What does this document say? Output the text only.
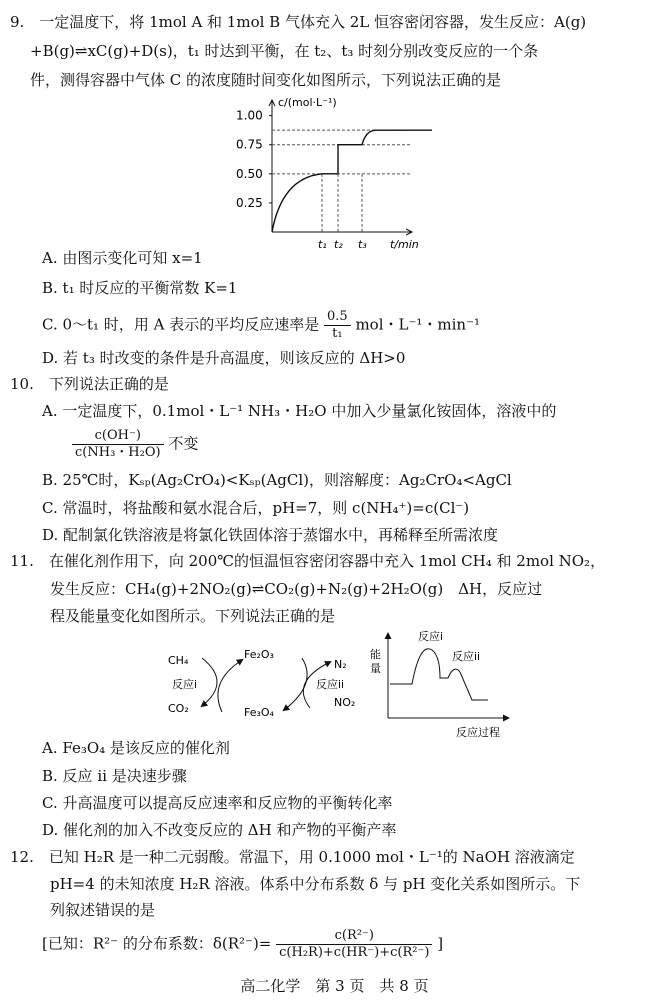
9.　一定温度下，将 1mol A 和 1mol B 气体充入 2L 恒容密闭容器，发生反应：A(g)
+B(g)⇌xC(g)+D(s)，t₁ 时达到平衡，在 t₂、t₃ 时刻分别改变反应的一个条
件，测得容器中气体 C 的浓度随时间变化如图所示，下列说法正确的是
c/(mol·L⁻¹)
t/min
1.00
0.75
0.50
0.25
t₁ t₂ t₃
A. 由图示变化可知 x=1
B. t₁ 时反应的平衡常数 K=1
C. 0～t₁ 时，用 A 表示的平均反应速率是 $\frac{0.5}{\text{t₁}}$ mol・L⁻¹・min⁻¹
D. 若 t₃ 时改变的条件是升高温度，则该反应的 ΔH>0
10.　下列说法正确的是
A. 一定温度下，0.1mol・L⁻¹ NH₃・H₂O 中加入少量氯化铵固体，溶液中的
$\frac{c(OH^-)}{\text{c(NH₃・H₂O)}}$ 不变
B. 25℃时，Kₛₚ(Ag₂CrO₄)<Kₛₚ(AgCl)，则溶解度：Ag₂CrO₄<AgCl
C. 常温时，将盐酸和氨水混合后，pH=7，则 c(NH₄⁺)=c(Cl⁻)
D. 配制氯化铁溶液是将氯化铁固体溶于蒸馏水中，再稀释至所需浓度
11.　在催化剂作用下，向 200℃的恒温恒容密闭容器中充入 1mol CH₄ 和 2mol NO₂，
发生反应：CH₄(g)+2NO₂(g)⇌CO₂(g)+N₂(g)+2H₂O(g)　ΔH，反应过
程及能量变化如图所示。下列说法正确的是
CH₄
CO₂
Fe₂O₃
Fe₃O₄
N₂
NO₂
反应i	反应ii
能
量
反应i
反应ii
反应过程
A. Fe₃O₄ 是该反应的催化剂
B. 反应 ⅱ 是决速步骤
C. 升高温度可以提高反应速率和反应物的平衡转化率
D. 催化剂的加入不改变反应的 ΔH 和产物的平衡产率
12.　已知 H₂R 是一种二元弱酸。常温下，用 0.1000 mol・L⁻¹的 NaOH 溶液滴定
pH=4 的未知浓度 H₂R 溶液。体系中分布系数 δ 与 pH 变化关系如图所示。下
列叙述错误的是
[已知：R²⁻ 的分布系数：$\delta(R^{2-})= \frac{\text{c(R²⁻)}}{\text{c(H₂R)+c(HR⁻)+c(R²⁻)}}$ ]
高二化学　第 3 页　共 8 页
